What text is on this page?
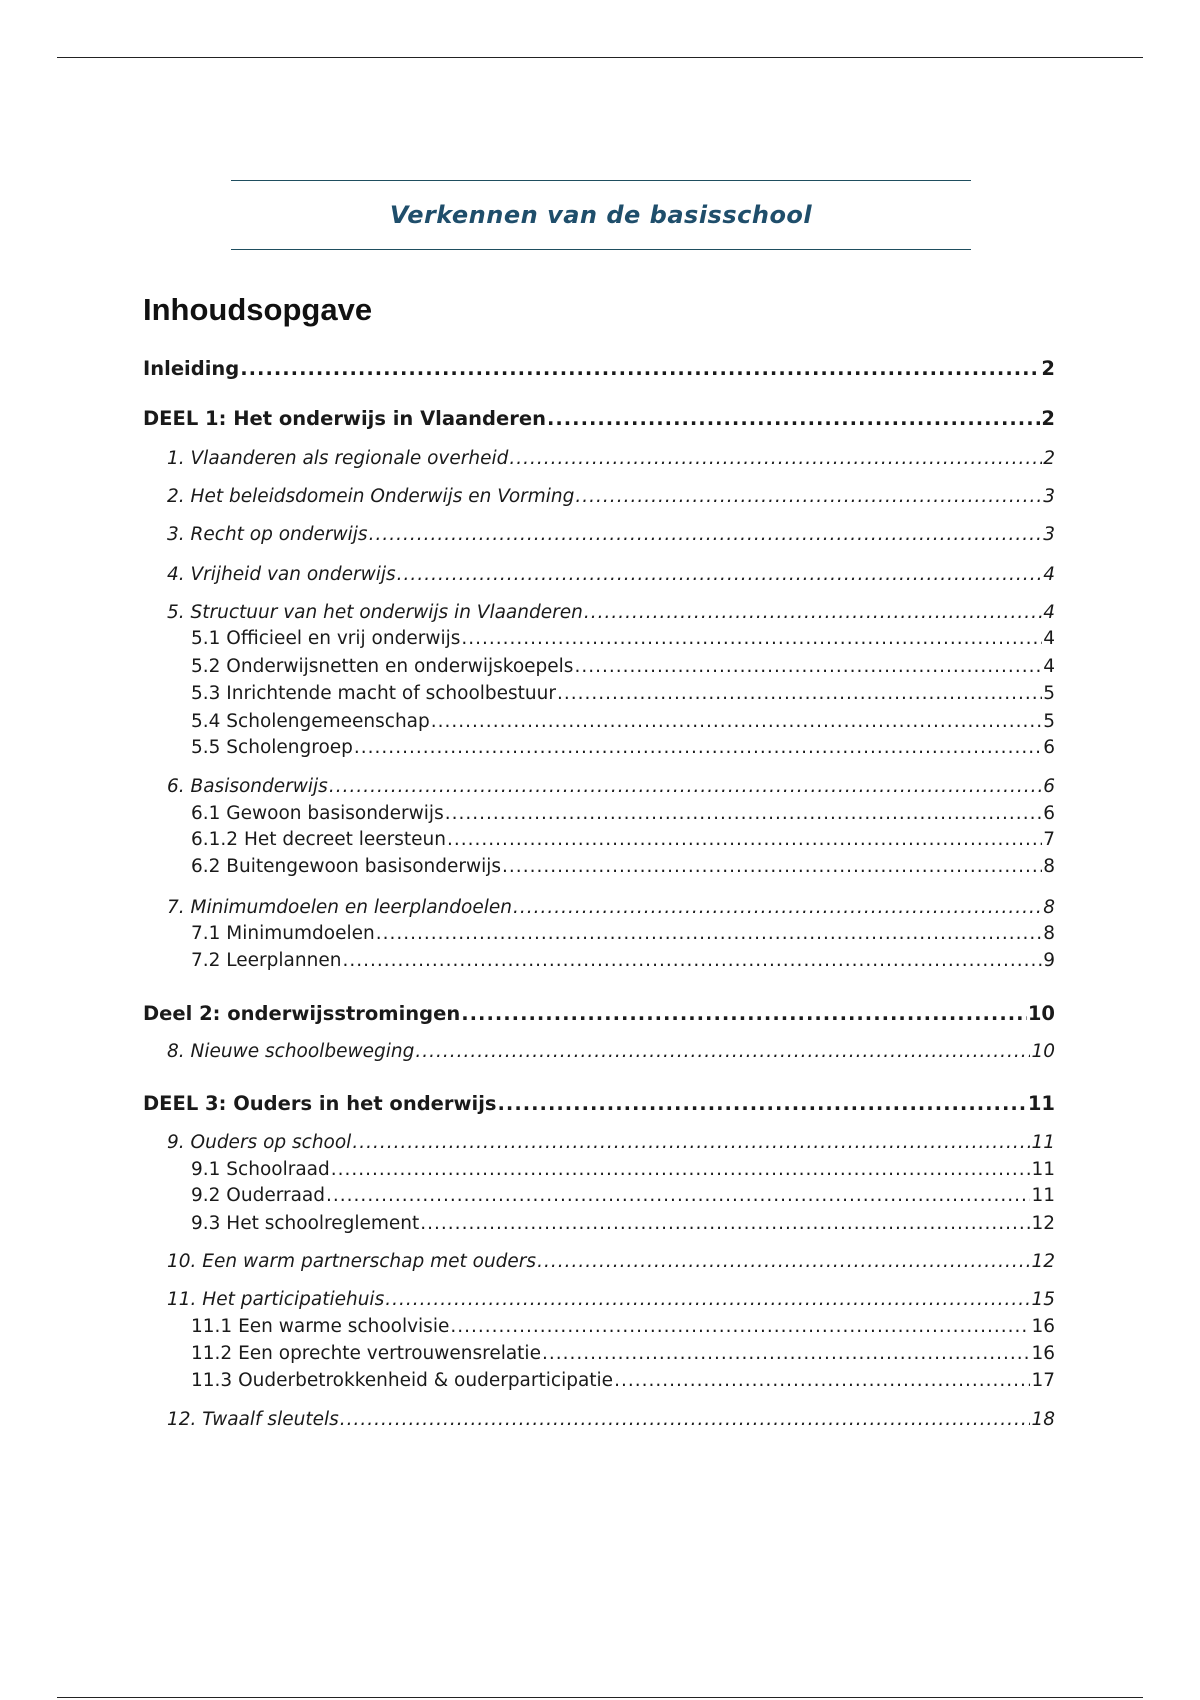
Verkennen van de basisschool
Inhoudsopgave
Inleiding .....	2
DEEL 1: Het onderwijs in Vlaanderen .....	2
1. Vlaanderen als regionale overheid .....	2
2. Het beleidsdomein Onderwijs en Vorming .....	3
3. Recht op onderwijs .....	3
4. Vrijheid van onderwijs .....	4
5. Structuur van het onderwijs in Vlaanderen .....	4
5.1 Officieel en vrij onderwijs .....	4
5.2 Onderwijsnetten en onderwijskoepels .....	4
5.3 Inrichtende macht of schoolbestuur .....	5
5.4 Scholengemeenschap .....	5
5.5 Scholengroep .....	6
6. Basisonderwijs .....	6
6.1 Gewoon basisonderwijs .....	6
6.1.2 Het decreet leersteun .....	7
6.2 Buitengewoon basisonderwijs .....	8
7. Minimumdoelen en leerplandoelen .....	8
7.1 Minimumdoelen .....	8
7.2 Leerplannen .....	9
Deel 2: onderwijsstromingen .....	10
8. Nieuwe schoolbeweging .....	10
DEEL 3: Ouders in het onderwijs .....	11
9. Ouders op school .....	11
9.1 Schoolraad .....	11
9.2 Ouderraad .....	11
9.3 Het schoolreglement .....	12
10. Een warm partnerschap met ouders .....	12
11. Het participatiehuis .....	15
11.1 Een warme schoolvisie .....	16
11.2 Een oprechte vertrouwensrelatie .....	16
11.3 Ouderbetrokkenheid & ouderparticipatie .....	17
12. Twaalf sleutels .....	18
